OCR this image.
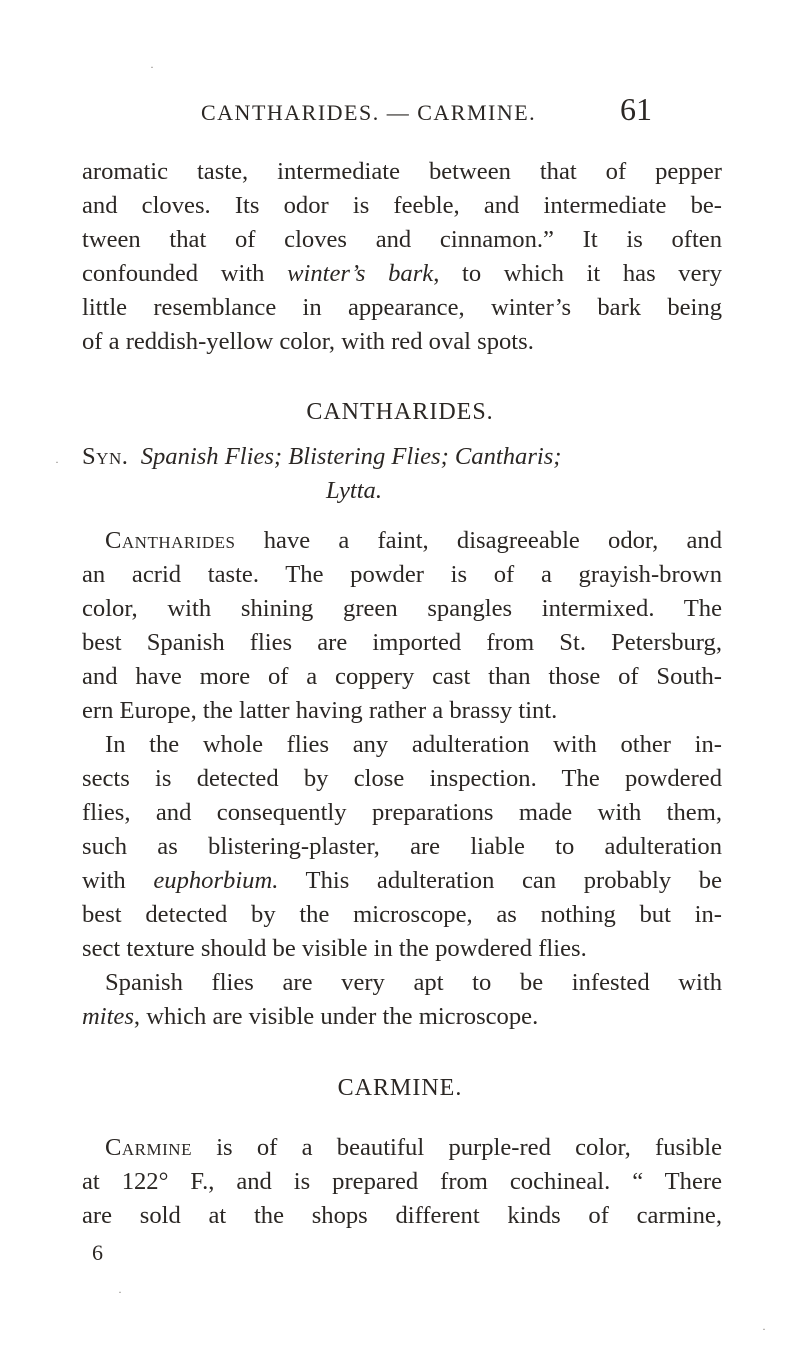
CANTHARIDES. — CARMINE.	61
aromatic taste, intermediate between that of pepper
and cloves. Its odor is feeble, and intermediate be-
tween that of cloves and cinnamon.” It is often
confounded with winter’s bark, to which it has very
little resemblance in appearance, winter’s bark being
of a reddish-yellow color, with red oval spots.
CANTHARIDES.
Syn. Spanish Flies; Blistering Flies; Cantharis;
Lytta.
Cantharides have a faint, disagreeable odor, and
an acrid taste. The powder is of a grayish-brown
color, with shining green spangles intermixed. The
best Spanish flies are imported from St. Petersburg,
and have more of a coppery cast than those of South-
ern Europe, the latter having rather a brassy tint.
In the whole flies any adulteration with other in-
sects is detected by close inspection. The powdered
flies, and consequently preparations made with them,
such as blistering-plaster, are liable to adulteration
with euphorbium. This adulteration can probably be
best detected by the microscope, as nothing but in-
sect texture should be visible in the powdered flies.
Spanish flies are very apt to be infested with
mites, which are visible under the microscope.
CARMINE.
Carmine is of a beautiful purple-red color, fusible
at 122° F., and is prepared from cochineal. “ There
are sold at the shops different kinds of carmine,
6
·
·
·
·
